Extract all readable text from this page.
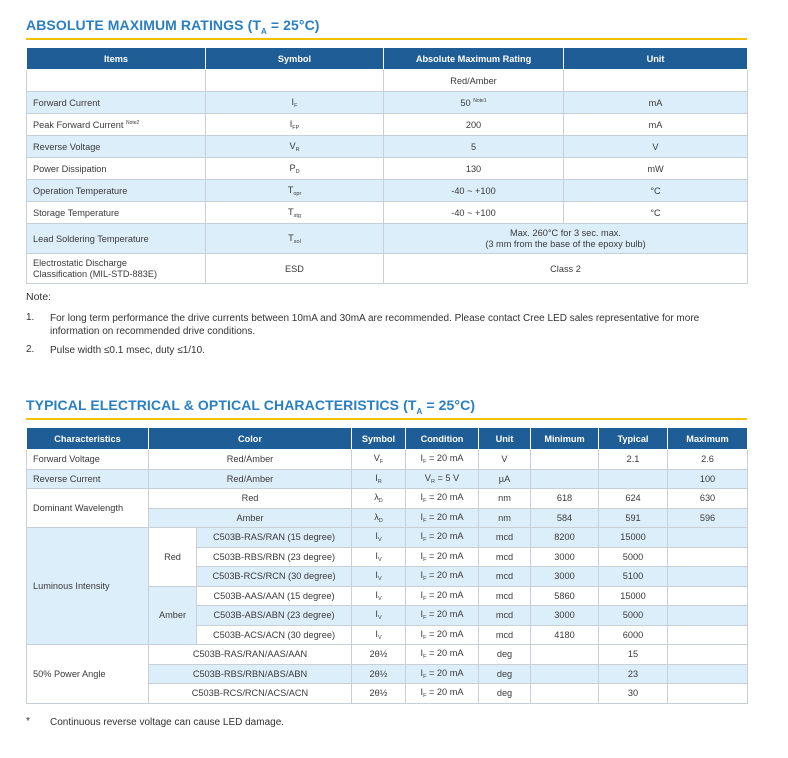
ABSOLUTE MAXIMUM RATINGS $(T_A = 25^\circ C)$
Items	Symbol	Absolute Maximum Rating	Unit
		Red/Amber	
Forward Current	$I_F$	50 $^{Note1}$	mA
Peak Forward Current $^{Note2}$	$I_{FP}$	200	mA
Reverse Voltage	$V_R$	5	V
Power Dissipation	$P_D$	130	mW
Operation Temperature	$T_{opr}$	-40 ~ +100	°C
Storage Temperature	$T_{stg}$	-40 ~ +100	°C
Lead Soldering Temperature	$T_{sol}$	Max. 260°C for 3 sec. max.
(3 mm from the base of the epoxy bulb)	

Electrostatic Discharge
Classification (MIL-STD-883E)	ESD	Class 2	
Note:
1. For long term performance the drive currents between 10mA and 30mA are recommended. Please contact Cree LED sales representative for more information on recommended drive conditions.
2. Pulse width ≤0.1 msec, duty ≤1/10.
TYPICAL ELECTRICAL & OPTICAL CHARACTERISTICS $(T_A = 25^\circ C)$
Characteristics	Color		Symbol	Condition	Unit	Minimum	Typical	Maximum
Forward Voltage	Red/Amber		$V_F$	$I_F = 20$ mA	V		2.1	2.6
Reverse Current	Red/Amber		$I_R$	$V_R = 5$ V	µA			100
Dominant Wavelength	Red		$\lambda_D$	$I_F = 20$ mA	nm	618	624	630
	Amber		$\lambda_D$	$I_F = 20$ mA	nm	584	591	596
Luminous Intensity	Red	C503B-RAS/RAN (15 degree)	$I_V$	$I_F = 20$ mA	mcd	8200	15000	
		C503B-RBS/RBN (23 degree)	$I_V$	$I_F = 20$ mA	mcd	3000	5000	
		C503B-RCS/RCN (30 degree)	$I_V$	$I_F = 20$ mA	mcd	3000	5100	
	Amber	C503B-AAS/AAN (15 degree)	$I_V$	$I_F = 20$ mA	mcd	5860	15000	
		C503B-ABS/ABN (23 degree)	$I_V$	$I_F = 20$ mA	mcd	3000	5000	
		C503B-ACS/ACN (30 degree)	$I_V$	$I_F = 20$ mA	mcd	4180	6000	
50% Power Angle	C503B-RAS/RAN/AAS/AAN		2θ½	$I_F = 20$ mA	deg		15	
	C503B-RBS/RBN/ABS/ABN		2θ½	$I_F = 20$ mA	deg		23	
	C503B-RCS/RCN/ACS/ACN		2θ½	$I_F = 20$ mA	deg		30	
* Continuous reverse voltage can cause LED damage.
